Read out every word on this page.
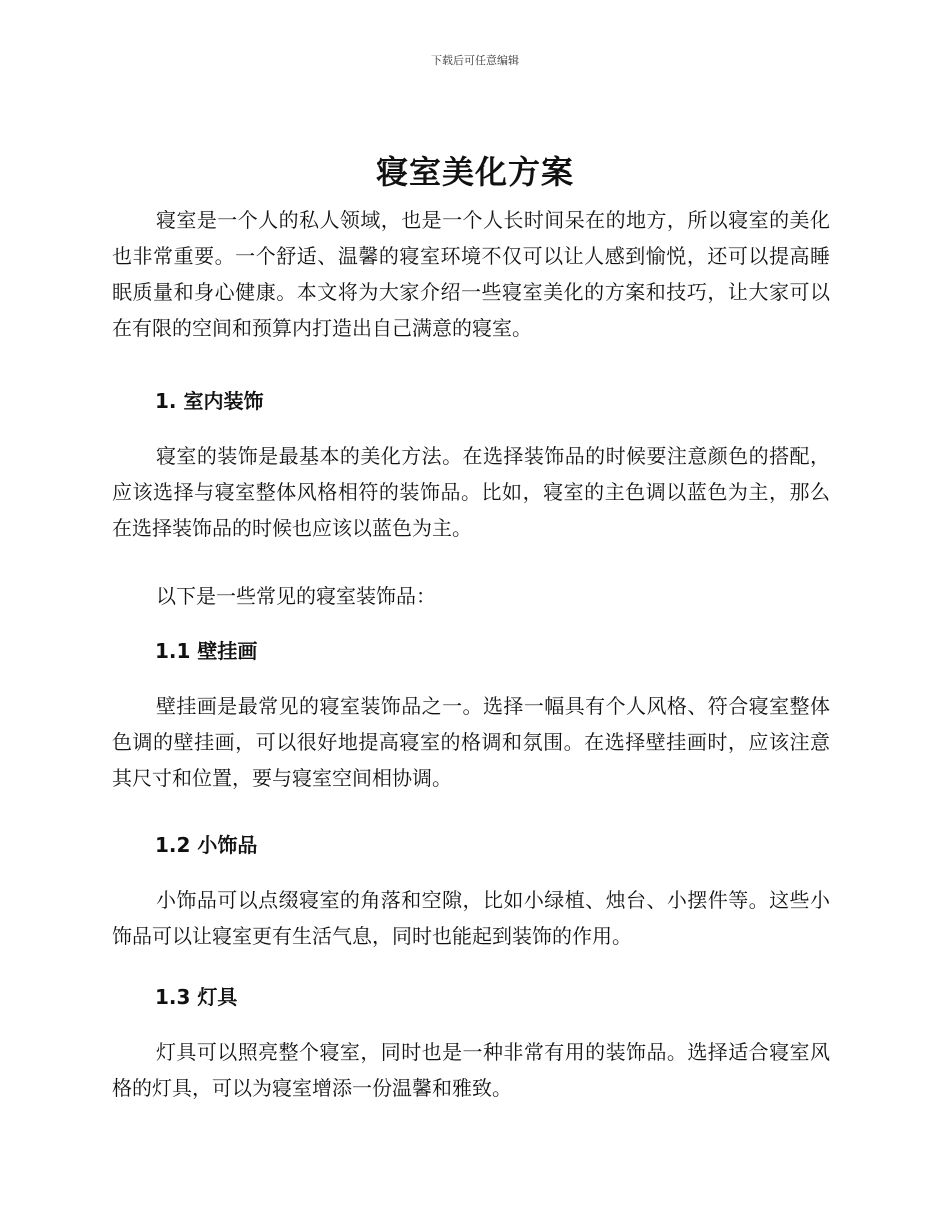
下载后可任意编辑
寝室美化方案

寝室是一个人的私人领域，也是一个人长时间呆在的地方，所以寝室的美化也非常重要。一个舒适、温馨的寝室环境不仅可以让人感到愉悦，还可以提高睡眠质量和身心健康。本文将为大家介绍一些寝室美化的方案和技巧，让大家可以在有限的空间和预算内打造出自己满意的寝室。

1. 室内装饰

寝室的装饰是最基本的美化方法。在选择装饰品的时候要注意颜色的搭配，应该选择与寝室整体风格相符的装饰品。比如，寝室的主色调以蓝色为主，那么在选择装饰品的时候也应该以蓝色为主。

以下是一些常见的寝室装饰品：

1.1 壁挂画

壁挂画是最常见的寝室装饰品之一。选择一幅具有个人风格、符合寝室整体色调的壁挂画，可以很好地提高寝室的格调和氛围。在选择壁挂画时，应该注意其尺寸和位置，要与寝室空间相协调。

1.2 小饰品

小饰品可以点缀寝室的角落和空隙，比如小绿植、烛台、小摆件等。这些小饰品可以让寝室更有生活气息，同时也能起到装饰的作用。

1.3 灯具

灯具可以照亮整个寝室，同时也是一种非常有用的装饰品。选择适合寝室风格的灯具，可以为寝室增添一份温馨和雅致。
